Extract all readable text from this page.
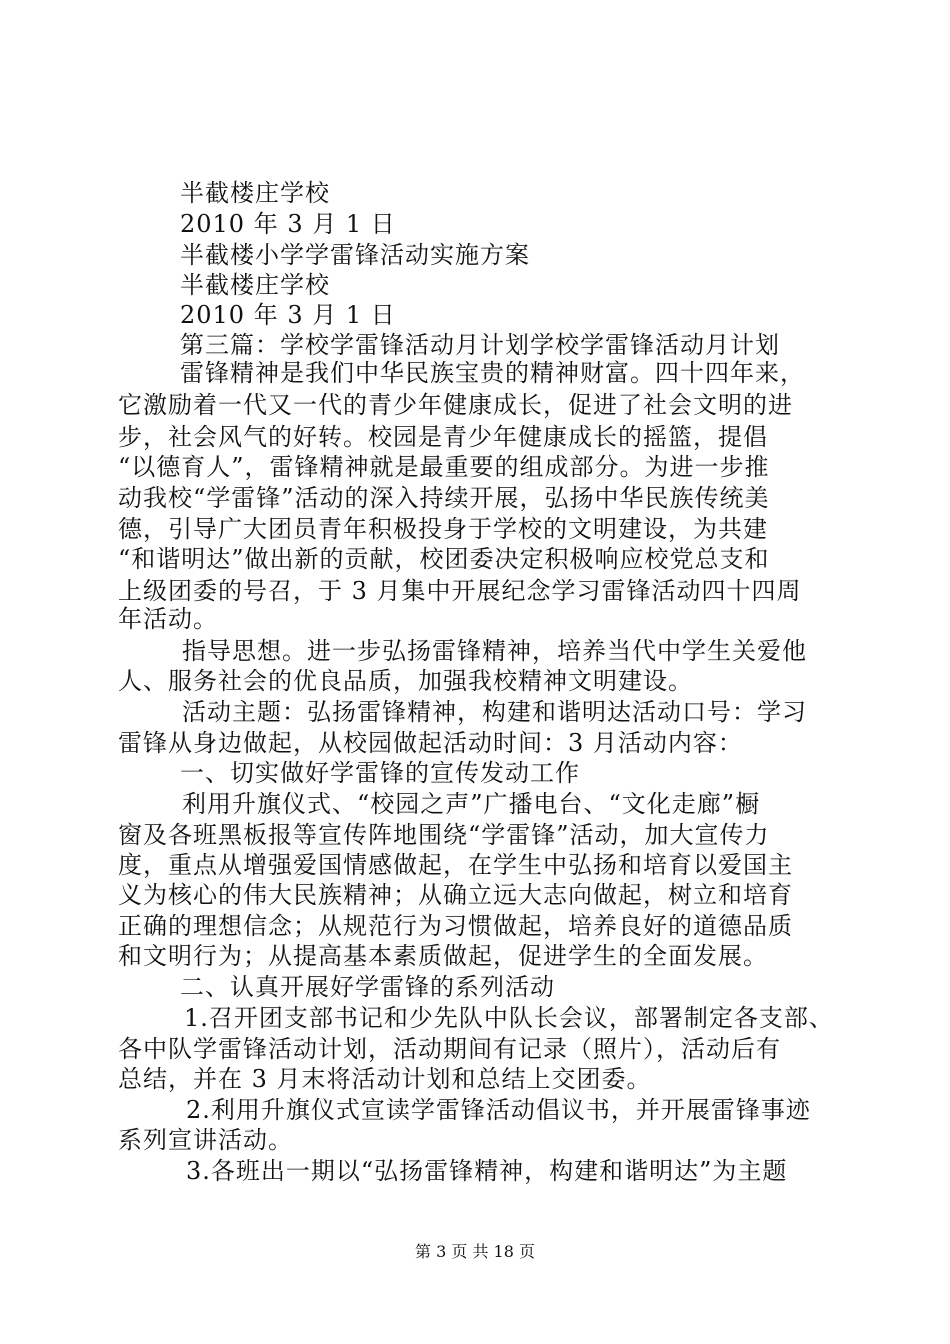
半截楼庄学校
2010 年 3 月 1 日
半截楼小学学雷锋活动实施方案
半截楼庄学校
2010 年 3 月 1 日
第三篇：学校学雷锋活动月计划学校学雷锋活动月计划
雷锋精神是我们中华民族宝贵的精神财富。四十四年来，
它激励着一代又一代的青少年健康成长，促进了社会文明的进
步，社会风气的好转。校园是青少年健康成长的摇篮，提倡
“以德育人”，雷锋精神就是最重要的组成部分。为进一步推
动我校“学雷锋”活动的深入持续开展，弘扬中华民族传统美
德，引导广大团员青年积极投身于学校的文明建设，为共建
“和谐明达”做出新的贡献，校团委决定积极响应校党总支和
上级团委的号召，于 3 月集中开展纪念学习雷锋活动四十四周
年活动。
指导思想。进一步弘扬雷锋精神，培养当代中学生关爱他
人、服务社会的优良品质，加强我校精神文明建设。
活动主题：弘扬雷锋精神，构建和谐明达活动口号：学习
雷锋从身边做起，从校园做起活动时间：3 月活动内容：
一、切实做好学雷锋的宣传发动工作
利用升旗仪式、“校园之声”广播电台、“文化走廊”橱
窗及各班黑板报等宣传阵地围绕“学雷锋”活动，加大宣传力
度，重点从增强爱国情感做起，在学生中弘扬和培育以爱国主
义为核心的伟大民族精神；从确立远大志向做起，树立和培育
正确的理想信念；从规范行为习惯做起，培养良好的道德品质
和文明行为；从提高基本素质做起，促进学生的全面发展。
二、认真开展好学雷锋的系列活动
1.召开团支部书记和少先队中队长会议，部署制定各支部、
各中队学雷锋活动计划，活动期间有记录（照片），活动后有
总结，并在 3 月末将活动计划和总结上交团委。
2.利用升旗仪式宣读学雷锋活动倡议书，并开展雷锋事迹
系列宣讲活动。
3.各班出一期以“弘扬雷锋精神，构建和谐明达”为主题
第 3 页 共 18 页
